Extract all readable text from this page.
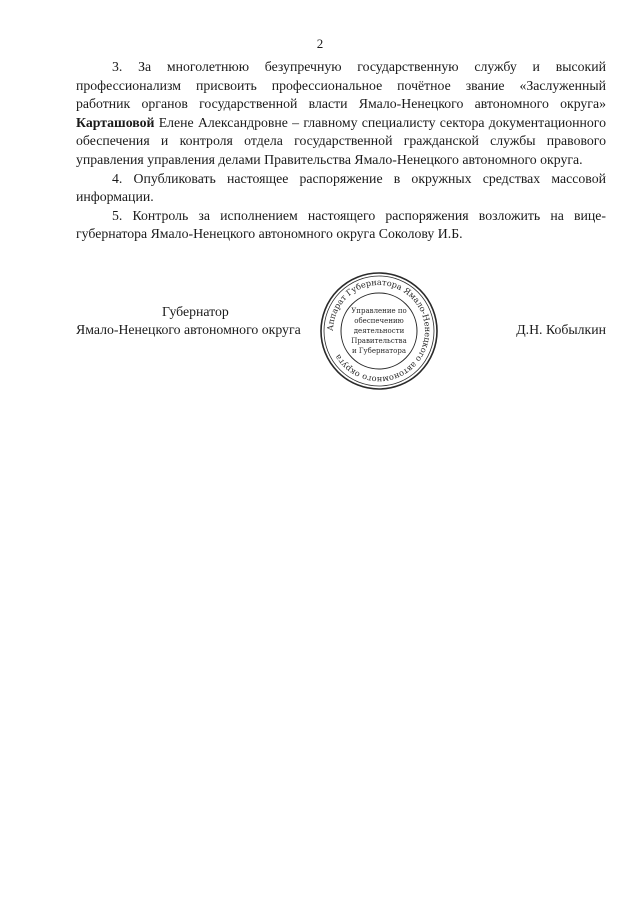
2

3. За многолетнюю безупречную государственную службу и высокий профессионализм присвоить профессиональное почётное звание «Заслуженный работник органов государственной власти Ямало-Ненецкого автономного округа» Карташовой Елене Александровне – главному специалисту сектора документационного обеспечения и контроля отдела государственной гражданской службы правового управления управления делами Правительства Ямало-Ненецкого автономного округа.

4. Опубликовать настоящее распоряжение в окружных средствах массовой информации.

5. Контроль за исполнением настоящего распоряжения возложить на вице-губернатора Ямало-Ненецкого автономного округа Соколову И.Б.

Губернатор
Ямало-Ненецкого автономного округа	Д.Н. Кобылкин
Аппарат Губернатора Ямало-Ненецкого автономного округа
Управление по
обеспечению
деятельности
Правительства
и Губернатора
